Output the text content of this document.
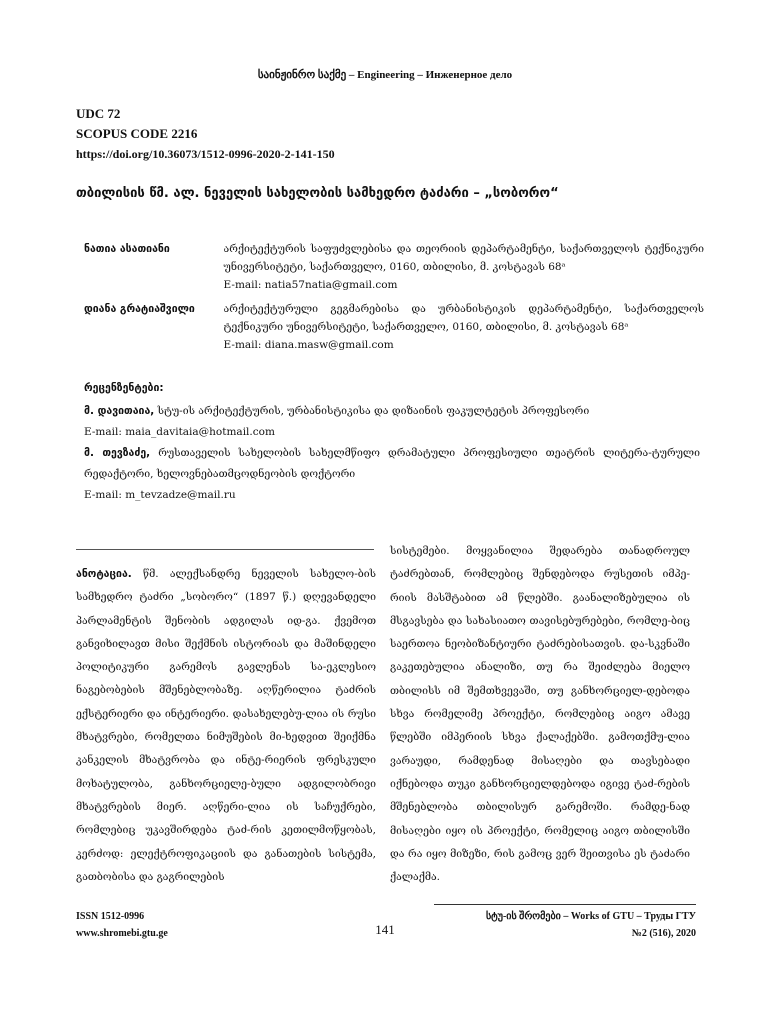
საინჟინრო საქმე – Engineering – Инженерное дело
UDC 72
SCOPUS CODE 2216
https://doi.org/10.36073/1512-0996-2020-2-141-150
თბილისის წმ. ალ. ნეველის სახელობის სამხედრო ტაძარი – „სობორო“
ნათია ასათიანი	არქიტექტურის საფუძვლებისა და თეორიის დეპარტამენტი, საქართველოს ტექნიკური უნივერსიტეტი, საქართველო, 0160, თბილისი, მ. კოსტავას 68ᵃ
E-mail: natia57natia@gmail.com
დიანა გრატიაშვილი	არქიტექტურული გეგმარებისა და ურბანისტიკის დეპარტამენტი, საქართველოს ტექნიკური უნივერსიტეტი, საქართველო, 0160, თბილისი, მ. კოსტავას 68ᵃ
E-mail: diana.masw@gmail.com
რეცენზენტები:
მ. დავითაია, სტუ-ის არქიტექტურის, ურბანისტიკისა და დიზაინის ფაკულტეტის პროფესორი
E-mail: maia_davitaia@hotmail.com
მ. თევზაძე, რუსთაველის სახელობის სახელმწიფო დრამატული პროფესიული თეატრის ლიტერა-ტურული რედაქტორი, ხელოვნებათმცოდნეობის დოქტორი
E-mail: m_tevzadze@mail.ru
ანოტაცია. წმ. ალექსანდრე ნეველის სახელო-ბის სამხედრო ტაძრი „სობორო“ (1897 წ.) დღევანდელი პარლამენტის შენობის ადგილას იდ-გა. ქვემოთ განვიხილავთ მისი შექმნის ისტორიას და მაშინდელი პოლიტიკური გარემოს გავლენას სა-ეკლესიო ნაგებობების მშენებლობაზე. აღწერილია ტაძრის ექსტერიერი და ინტერიერი. დასახელებუ-ლია ის რუსი მხატვრები, რომელთა ნიმუშების მი-ხედვით შეიქმნა კანკელის მხატვრობა და ინტე-რიერის ფრესკული მოხატულობა, განხორციელე-ბული ადგილობრივი მხატვრების მიერ. აღწერი-ლია ის საჩუქრები, რომლებიც უკავშირდება ტაძ-რის კეთილმოწყობას, კერძოდ: ელექტროფიკაციის და განათების სისტემა, გათბობისა და გაგრილების
სისტემები. მოყვანილია შედარება თანადროულ ტაძრებთან, რომლებიც შენდებოდა რუსეთის იმპე-რიის მასშტაბით ამ წლებში. გაანალიზებულია ის მსგავსება და სახასიათო თავისებურებები, რომლე-ბიც საერთოა ნეობიზანტიური ტაძრებისათვის. და-სკვნაში გაკეთებულია ანალიზი, თუ რა შეიძლება მიელო თბილისს იმ შემთხვევაში, თუ განხორციელ-დებოდა სხვა რომელიმე პროექტი, რომლებიც აიგო ამავე წლებში იმპერიის სხვა ქალაქებში. გამოთქმუ-ლია ვარაუდი, რამდენად მისაღები და თავსებადი იქნებოდა თუკი განხორციელდებოდა იგივე ტაძ-რების მშენებლობა თბილისურ გარემოში. რამდე-ნად მისაღები იყო ის პროექტი, რომელიც აიგო თბილისში და რა იყო მიზეზი, რის გამოც ვერ შეითვისა ეს ტაძარი ქალაქმა.
ISSN 1512-0996
www.shromebi.gtu.ge	141
სტუ-ის შრომები – Works of GTU – Труды ГТУ
№2 (516), 2020
